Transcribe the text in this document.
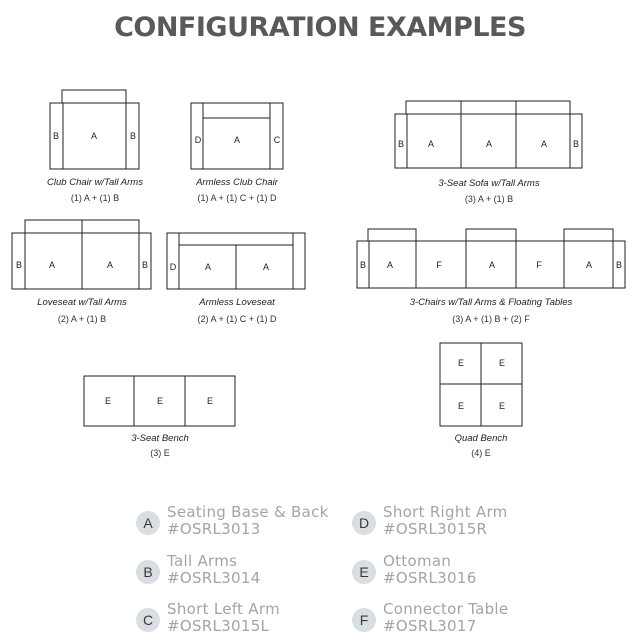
CONFIGURATION EXAMPLES
B	A	B	D	A	C	B	A	A	A	B
B	A	A	B D	A	A	B A	F	A	F	A	B
E	E	E
E	E
E	E
Club Chair w/Tall Arms
(1) A + (1) B
Armless Club Chair
(1) A + (1) C + (1) D
3-Seat Sofa w/Tall Arms
(3) A + (1) B
Loveseat w/Tall Arms
(2) A + (1) B
Armless Loveseat
(2) A + (1) C + (1) D
3-Chairs w/Tall Arms & Floating Tables
(3) A + (1) B + (2) F
3-Seat Bench
(3) E
Quad Bench
(4) E
A
Seating Base & Back
#OSRL3013
B
Tall Arms
#OSRL3014
C
Short Left Arm
#OSRL3015L
D
Short Right Arm
#OSRL3015R
E
Ottoman
#OSRL3016
F
Connector Table
#OSRL3017
